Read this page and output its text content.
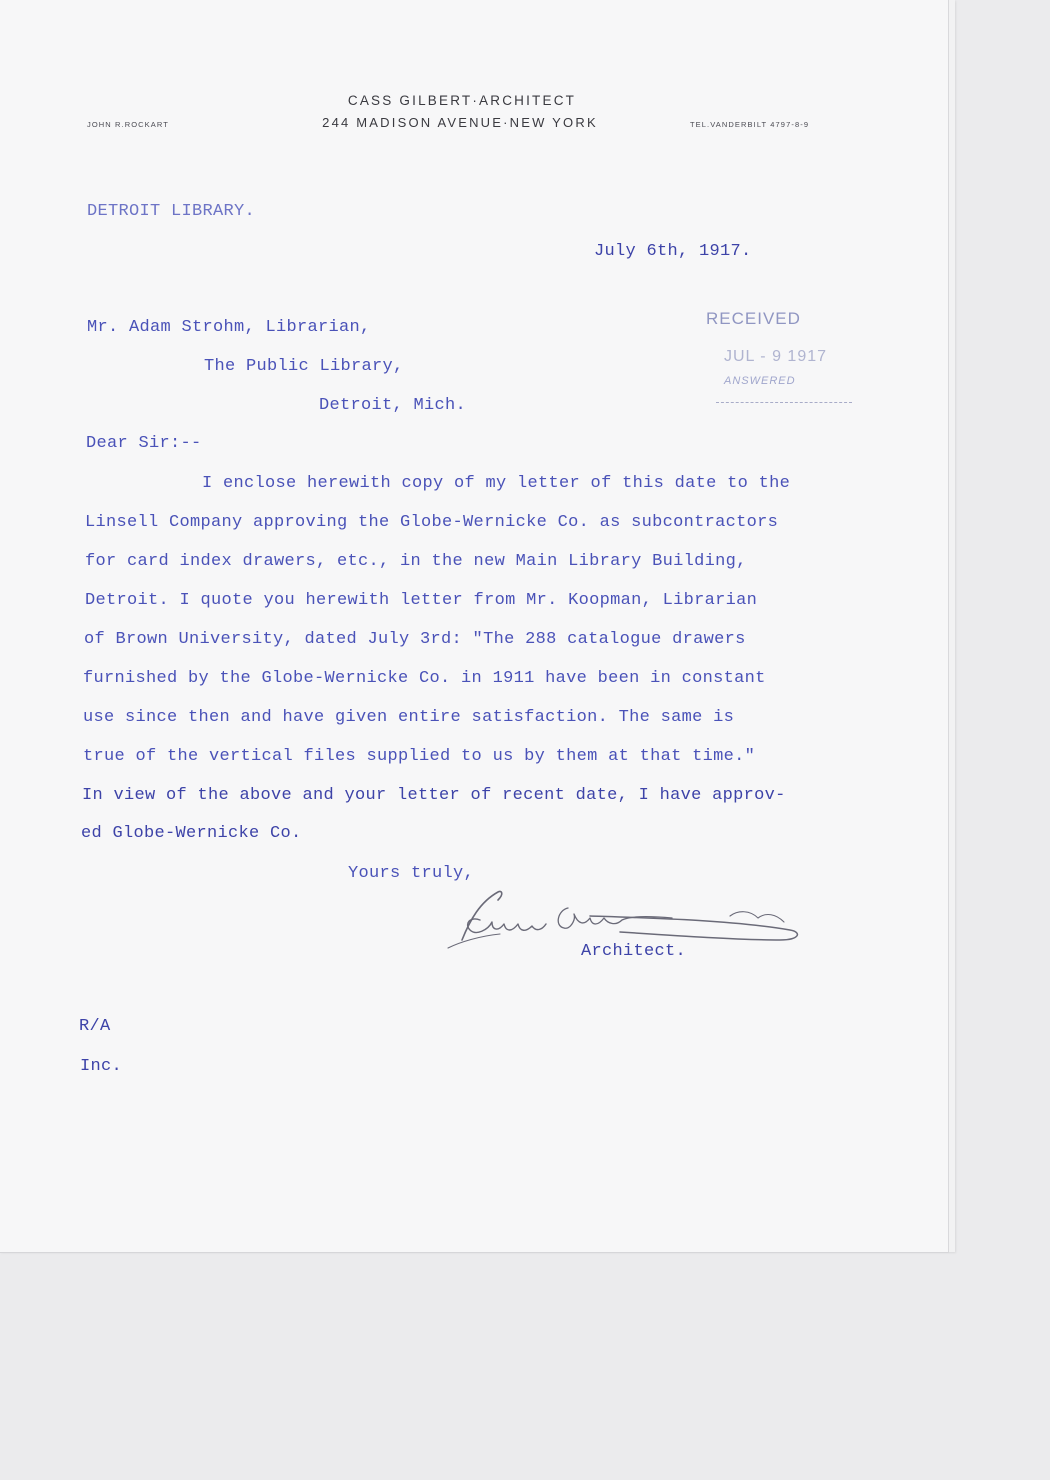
CASS GILBERT·ARCHITECT
244 MADISON AVENUE·NEW YORK
JOHN R.ROCKART	TEL.VANDERBILT 4797-8-9
DETROIT LIBRARY.
July 6th, 1917.
Mr. Adam Strohm, Librarian,
The Public Library,
Detroit, Mich.
RECEIVED
JUL - 9 1917
ANSWERED
Dear Sir:--
I enclose herewith copy of my letter of this date to the
Linsell Company approving the Globe-Wernicke Co. as subcontractors
for card index drawers, etc., in the new Main Library Building,
Detroit. I quote you herewith letter from Mr. Koopman, Librarian
of Brown University, dated July 3rd: "The 288 catalogue drawers
furnished by the Globe-Wernicke Co. in 1911 have been in constant
use since then and have given entire satisfaction. The same is
true of the vertical files supplied to us by them at that time."
In view of the above and your letter of recent date, I have approv-
ed Globe-Wernicke Co.
Yours truly,
Architect.
R/A
Inc.
